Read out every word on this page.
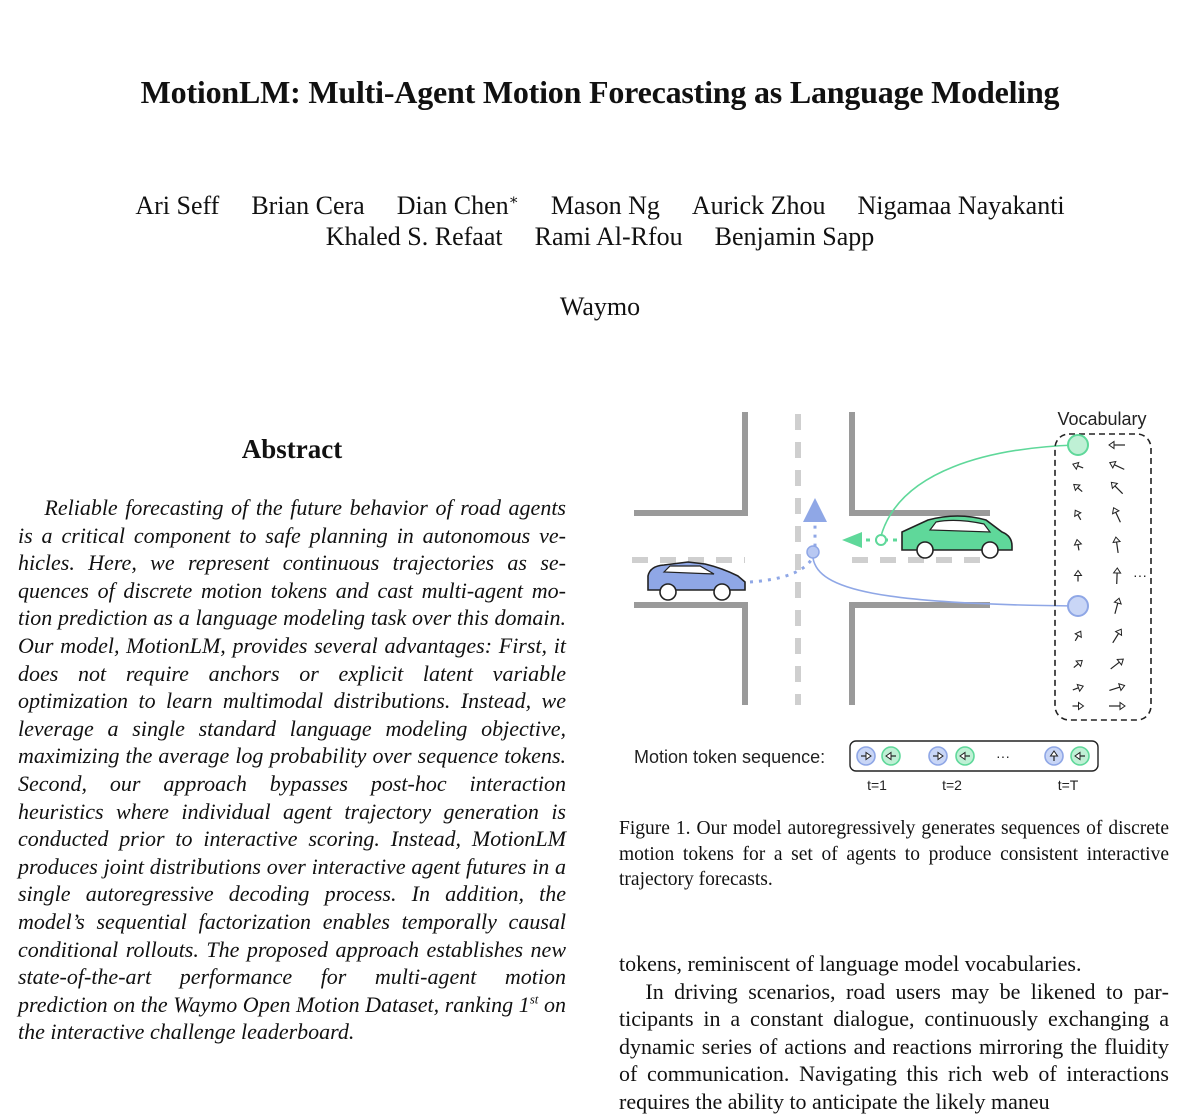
MotionLM: Multi-Agent Motion Forecasting as Language Modeling
Ari Seff Brian Cera Dian Chen∗ Mason Ng Aurick Zhou Nigamaa Nayakanti
Khaled S. Refaat Rami Al-Rfou Benjamin Sapp
Waymo
Abstract
Reliable forecasting of the future behavior of road agents is a critical component to safe planning in autonomous vehicles. Here, we represent continuous trajectories as sequences of discrete motion tokens and cast multi-agent motion prediction as a language modeling task over this domain. Our model, MotionLM, provides several advantages: First, it does not require anchors or explicit latent variable optimization to learn multimodal distributions. Instead, we leverage a single standard language modeling objective, maximizing the average log probability over sequence tokens. Second, our approach bypasses post-hoc interaction heuristics where individual agent trajectory generation is conducted prior to interactive scoring. Instead, MotionLM produces joint distributions over interactive agent futures in a single autoregressive decoding process. In addition, the model’s sequential factorization enables temporally causal conditional rollouts. The proposed approach establishes new state-of-the-art performance for multi-agent motion prediction on the Waymo Open Motion Dataset, ranking 1st on the interactive challenge leaderboard.
Vocabulary
···
Motion token sequence:	···
t=1	t=2	t=T
Figure 1. Our model autoregressively generates sequences of discrete motion tokens for a set of agents to produce consistent interactive trajectory forecasts.

tokens, reminiscent of language model vocabularies.

In driving scenarios, road users may be likened to participants in a constant dialogue, continuously exchanging a dynamic series of actions and reactions mirroring the fluidity of communication. Navigating this rich web of interactions requires the ability to anticipate the likely maneu
